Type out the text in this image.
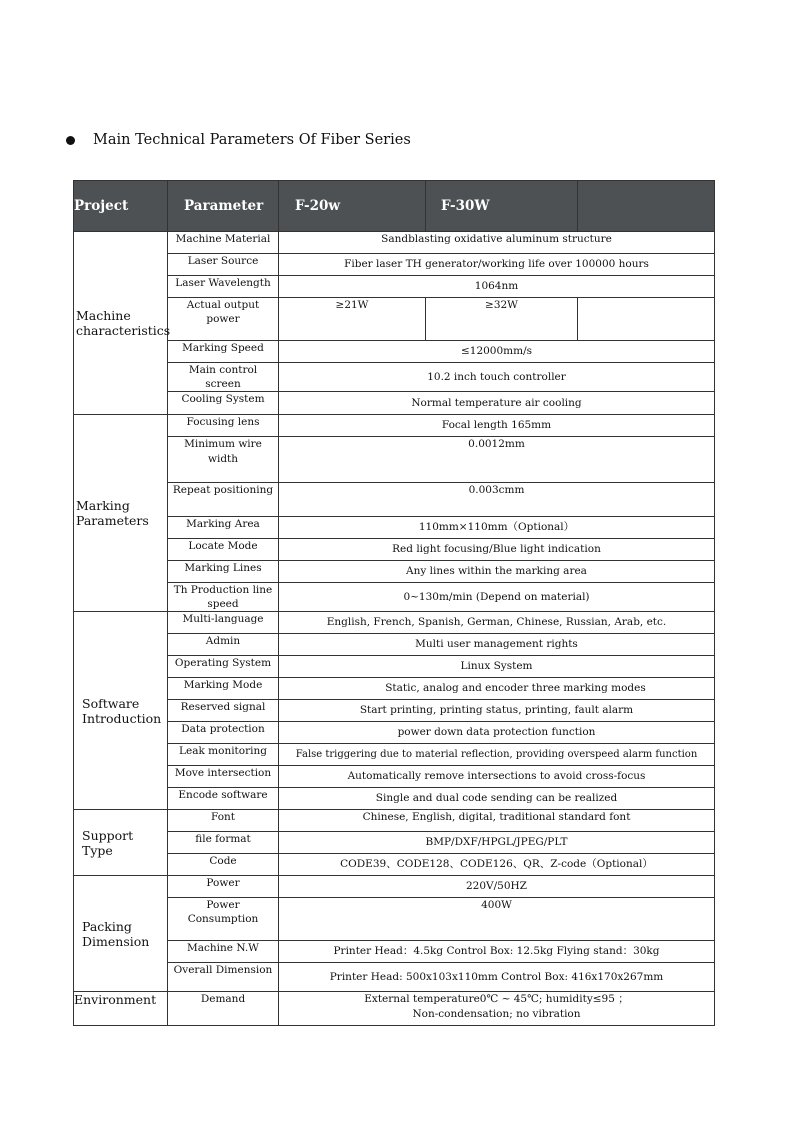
Main Technical Parameters Of Fiber Series
Project	Parameter	F-20w	F-30W	
Machine characteristics	Machine Material	Sandblasting oxidative aluminum structure		
	Laser Source	Fiber laser TH generator/working life over 100000 hours		
	Laser Wavelength	1064nm		
	Actual output power	≥21W	≥32W	
	Marking Speed	≤12000mm/s		
	Main control screen	10.2 inch touch controller		
	Cooling System	Normal temperature air cooling		
Marking Parameters	Focusing lens	Focal length 165mm		
	Minimum wire width	0.0012mm		
	Repeat positioning	0.003cmm		
	Marking Area	110mm×110mm（Optional）		
	Locate Mode	Red light focusing/Blue light indication		
	Marking Lines	Any lines within the marking area		
	Th Production line speed	0~130m/min (Depend on material)		
Software Introduction	Multi-language	English, French, Spanish, German, Chinese, Russian, Arab, etc.		
	Admin	Multi user management rights		
	Operating System	Linux System		
	Marking Mode	Static, analog and encoder three marking modes		
	Reserved signal	Start printing, printing status, printing, fault alarm		
	Data protection	power down data protection function		
	Leak monitoring	False triggering due to material reflection, providing overspeed alarm function		
	Move intersection	Automatically remove intersections to avoid cross-focus		
	Encode software	Single and dual code sending can be realized		
Support Type	Font	Chinese, English, digital, traditional standard font		
	file format	BMP/DXF/HPGL/JPEG/PLT		
	Code	CODE39、CODE128、CODE126、QR、Z-code（Optional）		
Packing Dimension	Power	220V/50HZ		
	Power Consumption	400W		
	Machine N.W	Printer Head：4.5kg Control Box: 12.5kg Flying stand：30kg		
	Overall Dimension	Printer Head: 500x103x110mm Control Box: 416x170x267mm		
Environment	Demand	External temperature0℃ ~ 45℃; humidity≤95 ；
Non-condensation; no vibration		
